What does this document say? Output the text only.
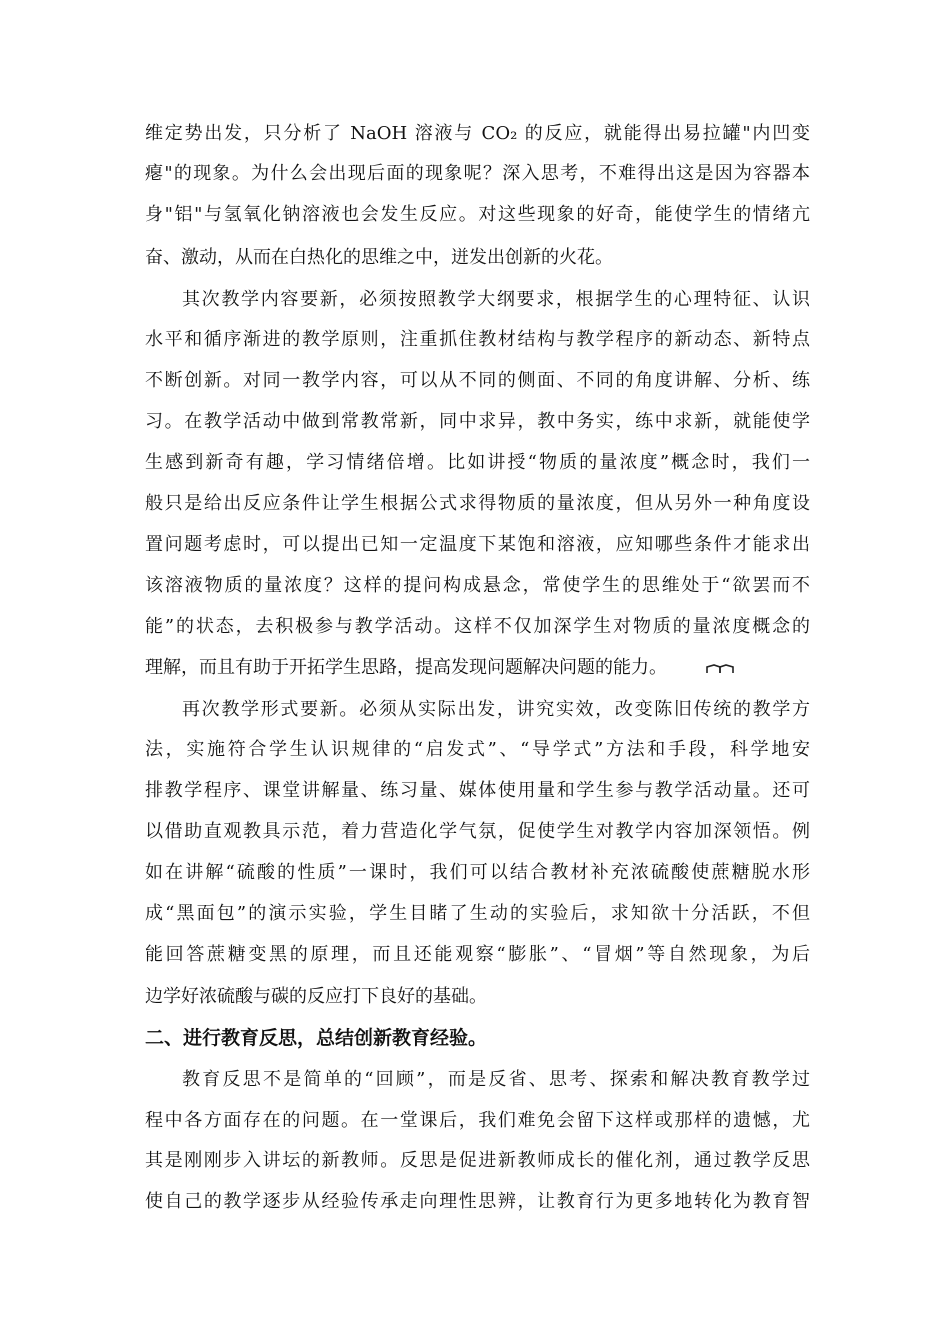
维定势出发，只分析了 NaOH 溶液与 CO₂ 的反应，就能得出易拉罐"内凹变
瘪"的现象。为什么会出现后面的现象呢？深入思考，不难得出这是因为容器本
身"铝"与氢氧化钠溶液也会发生反应。对这些现象的好奇，能使学生的情绪亢
奋、激动，从而在白热化的思维之中，迸发出创新的火花。
其次教学内容要新，必须按照教学大纲要求，根据学生的心理特征、认识
水平和循序渐进的教学原则，注重抓住教材结构与教学程序的新动态、新特点
不断创新。对同一教学内容，可以从不同的侧面、不同的角度讲解、分析、练
习。在教学活动中做到常教常新，同中求异，教中务实，练中求新，就能使学
生感到新奇有趣，学习情绪倍增。比如讲授“物质的量浓度”概念时，我们一
般只是给出反应条件让学生根据公式求得物质的量浓度，但从另外一种角度设
置问题考虑时，可以提出已知一定温度下某饱和溶液，应知哪些条件才能求出
该溶液物质的量浓度？这样的提问构成悬念，常使学生的思维处于“欲罢而不
能”的状态，去积极参与教学活动。这样不仅加深学生对物质的量浓度概念的
理解，而且有助于开拓学生思路，提高发现问题解决问题的能力。
再次教学形式要新。必须从实际出发，讲究实效，改变陈旧传统的教学方
法，实施符合学生认识规律的“启发式”、“导学式”方法和手段，科学地安
排教学程序、课堂讲解量、练习量、媒体使用量和学生参与教学活动量。还可
以借助直观教具示范，着力营造化学气氛，促使学生对教学内容加深领悟。例
如在讲解“硫酸的性质”一课时，我们可以结合教材补充浓硫酸使蔗糖脱水形
成“黑面包”的演示实验，学生目睹了生动的实验后，求知欲十分活跃，不但
能回答蔗糖变黑的原理，而且还能观察“膨胀”、“冒烟”等自然现象，为后
边学好浓硫酸与碳的反应打下良好的基础。
二、进行教育反思，总结创新教育经验。
教育反思不是简单的“回顾”，而是反省、思考、探索和解决教育教学过
程中各方面存在的问题。在一堂课后，我们难免会留下这样或那样的遗憾，尤
其是刚刚步入讲坛的新教师。反思是促进新教师成长的催化剂，通过教学反思
使自己的教学逐步从经验传承走向理性思辨，让教育行为更多地转化为教育智
